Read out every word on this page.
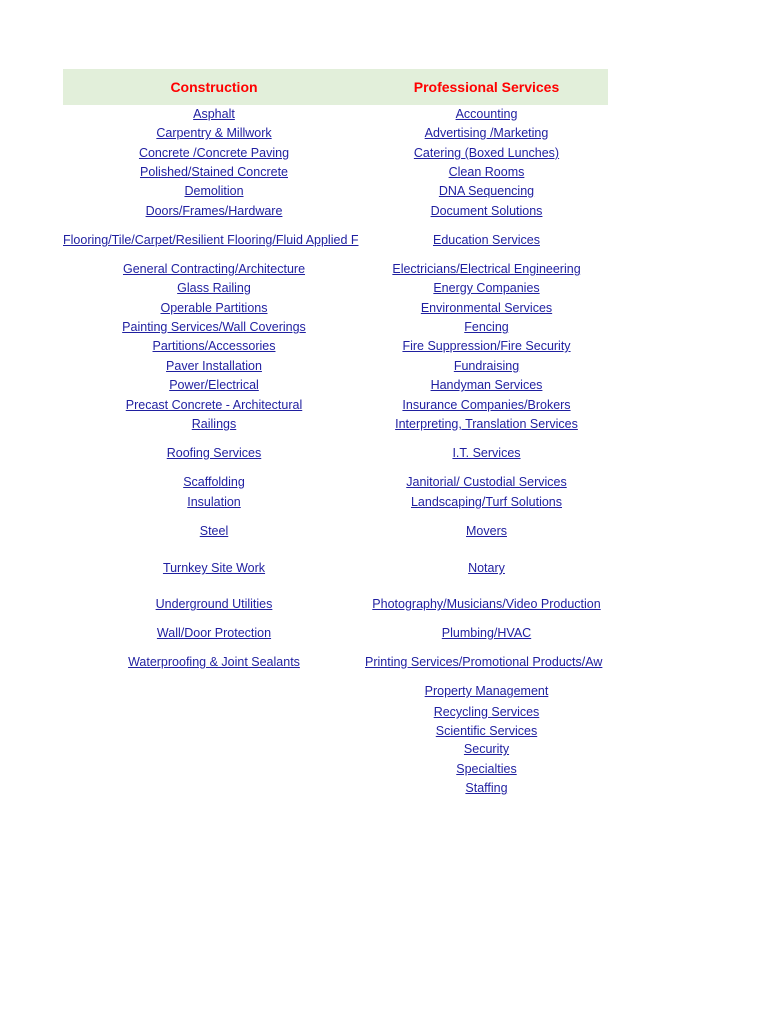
Construction	Professional Services
Asphalt
Carpentry & Millwork
Concrete /Concrete Paving
Polished/Stained Concrete
Demolition
Doors/Frames/Hardware
Flooring/Tile/Carpet/Resilient Flooring/Fluid Applied F
General Contracting/Architecture
Glass Railing
Operable Partitions
Painting Services/Wall Coverings
Partitions/Accessories
Paver Installation
Power/Electrical
Precast Concrete - Architectural
Railings
Roofing Services
Scaffolding
Insulation
Steel
Turnkey Site Work
Underground Utilities
Wall/Door Protection
Waterproofing & Joint Sealants
Accounting
Advertising /Marketing
Catering (Boxed Lunches)
Clean Rooms
DNA Sequencing
Document Solutions
Education Services
Electricians/Electrical Engineering
Energy Companies
Environmental Services
Fencing
Fire Suppression/Fire Security
Fundraising
Handyman Services
Insurance Companies/Brokers
Interpreting, Translation Services
I.T. Services
Janitorial/ Custodial Services
Landscaping/Turf Solutions
Movers
Notary
Photography/Musicians/Video Production
Plumbing/HVAC
Printing Services/Promotional Products/Aw
Property Management
Recycling Services
Scientific Services
Security
Specialties
Staffing
